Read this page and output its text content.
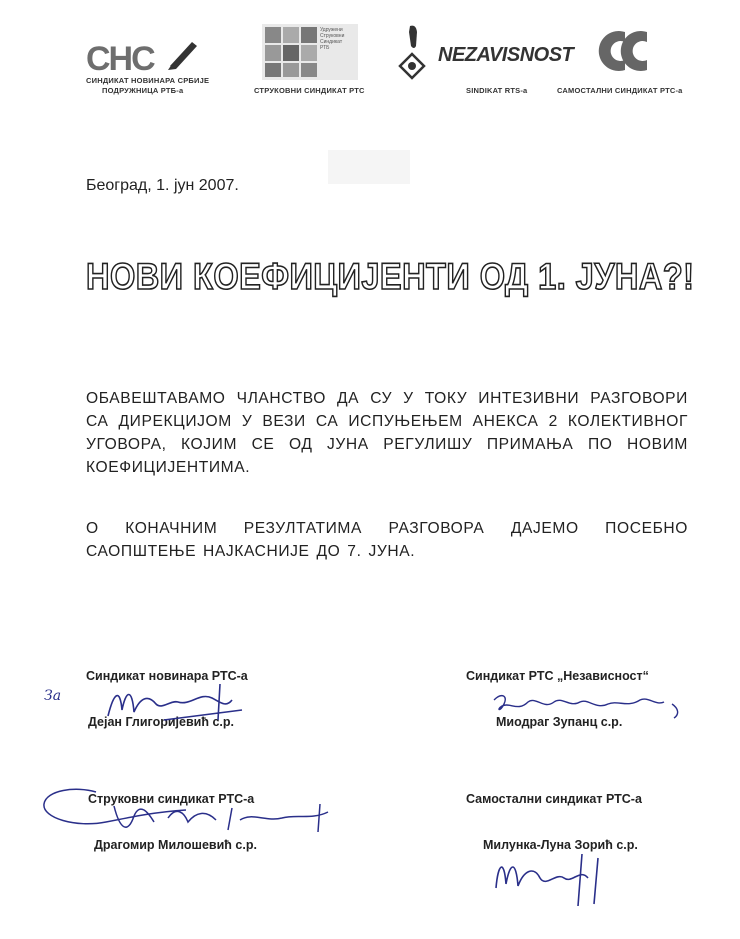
СНС
СИНДИКАТ НОВИНАРА СРБИЈЕ
ПОДРУЖНИЦА РТБ-а
Удружени
Струковни
Синдикат
РТБ
СТРУКОВНИ СИНДИКАТ РТС
NEZAVISNOST
SINDIKAT RTS-a	САМОСТАЛНИ СИНДИКАТ РТС-а
Београд, 1. јун 2007.
НОВИ КОЕФИЦИЈЕНТИ ОД 1. ЈУНА?!
ОБАВЕШТАВАМО ЧЛАНСТВО ДА СУ У ТОКУ ИНТЕЗИВНИ РАЗГОВОРИ СА ДИРЕКЦИЈОМ У ВЕЗИ СА ИСПУЊЕЊЕМ АНЕКСА 2 КОЛЕКТИВНОГ УГОВОРА, КОЈИМ СЕ ОД ЈУНА РЕГУЛИШУ ПРИМАЊА ПО НОВИМ КОЕФИЦИЈЕНТИМА.
О КОНАЧНИМ РЕЗУЛТАТИМА РАЗГОВОРА ДАЈЕМО ПОСЕБНО САОПШТЕЊЕ НАЈКАСНИЈЕ ДО 7. ЈУНА.
Синдикат новинара РТС-а
Дејан Глигоријевић с.р.
Зa
Синдикат РТС „Независност“
Миодраг Зупанц с.р.
Струковни синдикат РТС-а
Драгомир Милошевић с.р.
Самостални синдикат РТС-а
Милунка-Луна Зорић с.р.
